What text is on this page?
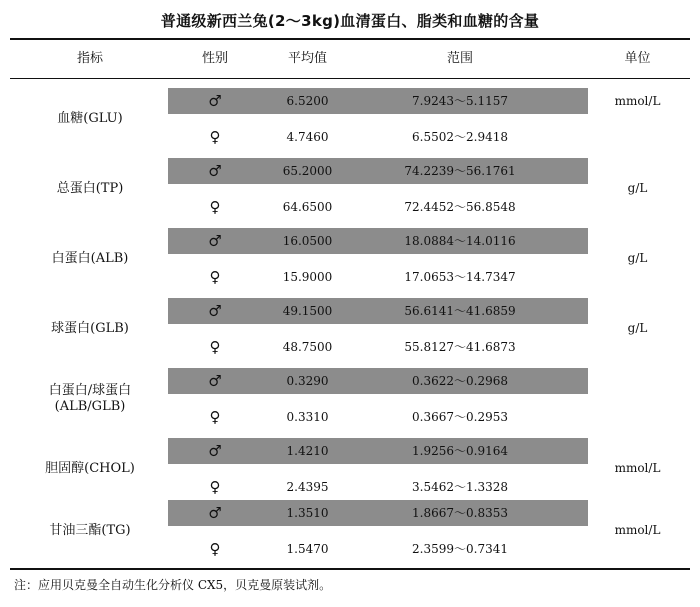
普通级新西兰兔(2～3kg)血清蛋白、脂类和血糖的含量
指标	性别	平均值	范围	单位
血糖(GLU)
♂	6.5200	7.9243～5.1157
♀	4.7460	6.5502～2.9418
mmol/L
总蛋白(TP)
♂	65.2000	74.2239～56.1761
♀	64.6500	72.4452～56.8548
g/L
白蛋白(ALB)
♂	16.0500	18.0884～14.0116
♀	15.9000	17.0653～14.7347
g/L
球蛋白(GLB)
♂	49.1500	56.6141～41.6859
♀	48.7500	55.8127～41.6873
g/L
白蛋白/球蛋白
(ALB/GLB)
♂	0.3290	0.3622～0.2968
♀	0.3310	0.3667～0.2953
胆固醇(CHOL)
♂	1.4210	1.9256～0.9164
♀	2.4395	3.5462～1.3328
mmol/L
甘油三酯(TG)
♂	1.3510	1.8667～0.8353
♀	1.5470	2.3599～0.7341
mmol/L
注：应用贝克曼全自动生化分析仪 CX5，贝克曼原装试剂。
